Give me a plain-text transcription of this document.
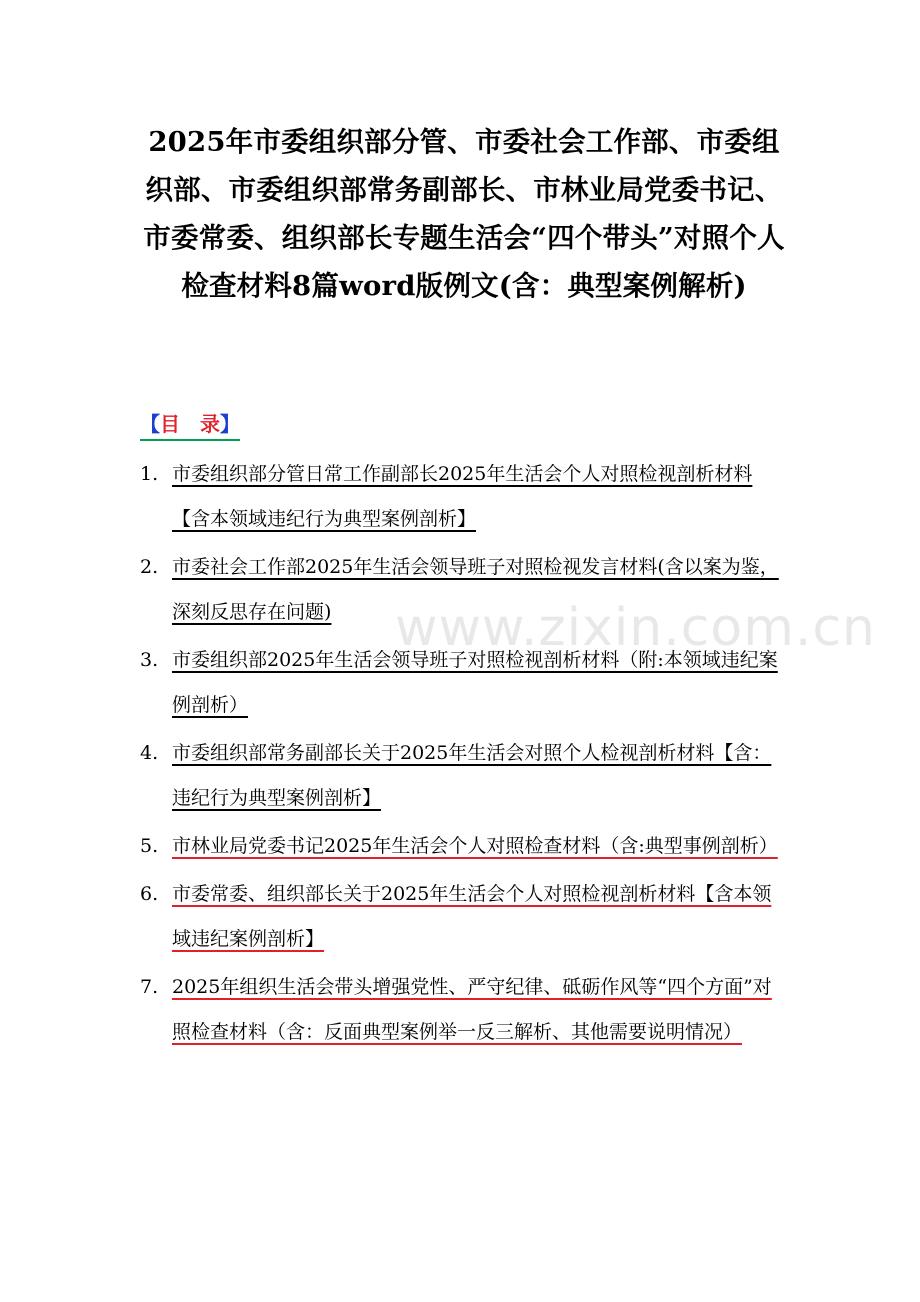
www.zixin.com.cn
2025年市委组织部分管、市委社会工作部、市委组织部、市委组织部常务副部长、市林业局党委书记、市委常委、组织部长专题生活会“四个带头”对照个人检查材料8篇word版例文(含：典型案例解析)
【目　录】
1. 市委组织部分管日常工作副部长2025年生活会个人对照检视剖析材料【含本领域违纪行为典型案例剖析】
2. 市委社会工作部2025年生活会领导班子对照检视发言材料(含以案为鉴，深刻反思存在问题)
3. 市委组织部2025年生活会领导班子对照检视剖析材料（附:本领域违纪案例剖析）
4. 市委组织部常务副部长关于2025年生活会对照个人检视剖析材料【含：违纪行为典型案例剖析】
5. 市林业局党委书记2025年生活会个人对照检查材料（含:典型事例剖析）
6. 市委常委、组织部长关于2025年生活会个人对照检视剖析材料【含本领域违纪案例剖析】
7. 2025年组织生活会带头增强党性、严守纪律、砥砺作风等“四个方面”对照检查材料（含：反面典型案例举一反三解析、其他需要说明情况）
